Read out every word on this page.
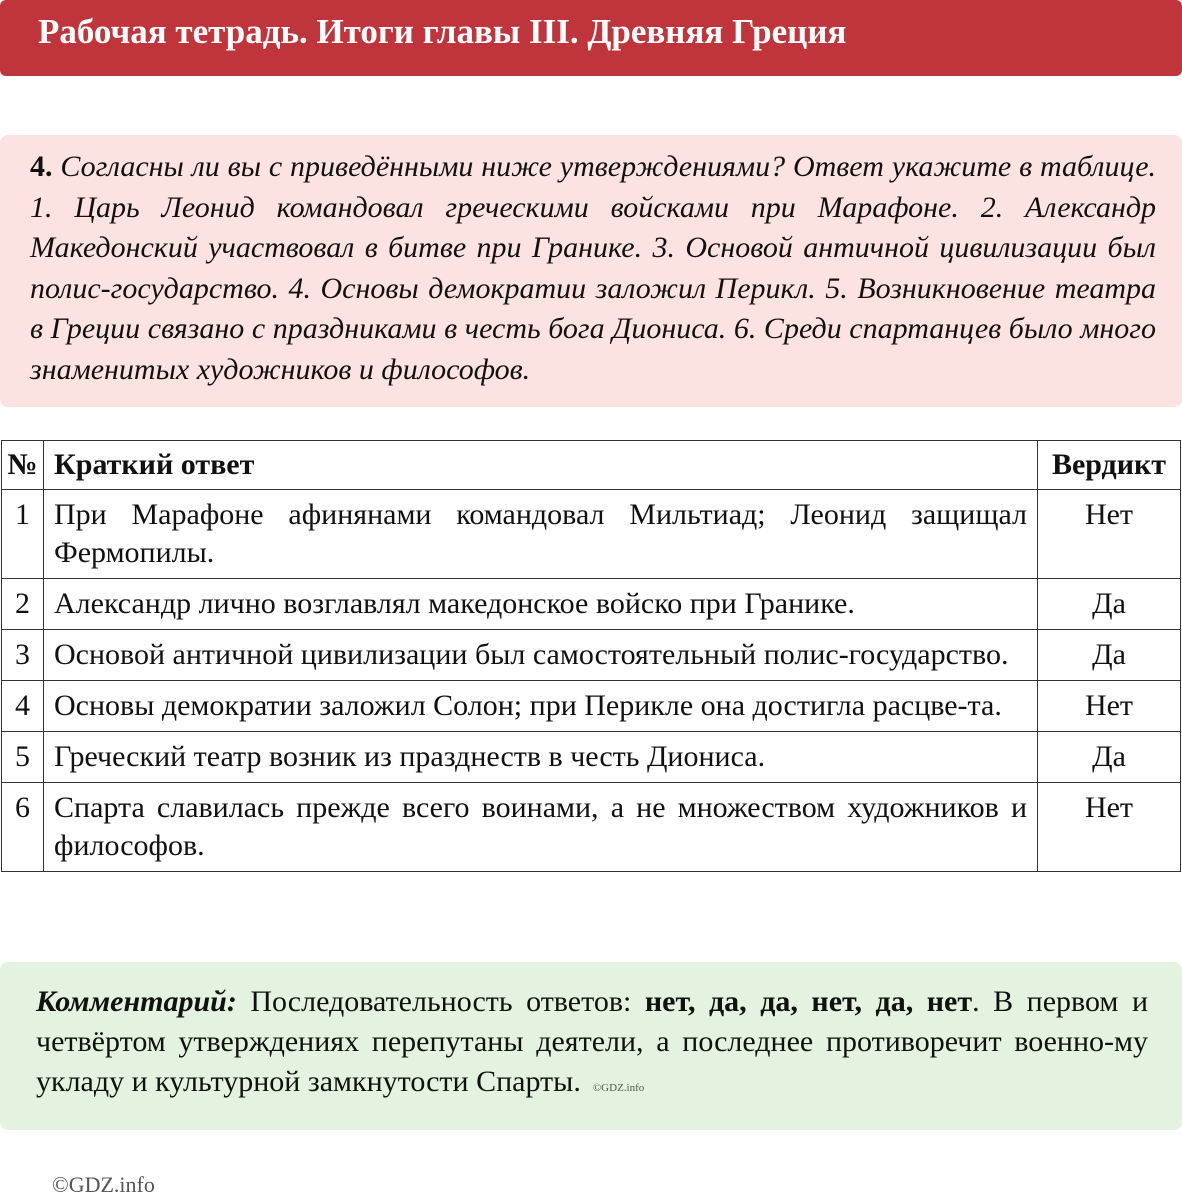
Рабочая тетрадь. Итоги главы III. Древняя Греция
4. Согласны ли вы с приведёнными ниже утверждениями? Ответ укажите в таблице. 1. Царь Леонид командовал греческими войсками при Марафоне. 2. Александр Македонский участвовал в битве при Гранике. 3. Основой античной цивилизации был полис-государство. 4. Основы демократии заложил Перикл. 5. Возникновение театра в Греции связано с праздниками в честь бога Диониса. 6. Среди спартанцев было много знаменитых художников и философов.
№	Краткий ответ	Вердикт
1	При Марафоне афинянами командовал Мильтиад; Леонид защищал Фермопилы.	Нет
2	Александр лично возглавлял македонское войско при Гранике.	Да
3	Основой античной цивилизации был самостоятельный полис-государство.	Да
4	Основы демократии заложил Солон; при Перикле она достигла расцве-та.	Нет
5	Греческий театр возник из празднеств в честь Диониса.	Да
6	Спарта славилась прежде всего воинами, а не множеством художников и философов.	Нет
Комментарий: Последовательность ответов: нет, да, да, нет, да, нет. В первом и четвёртом утверждениях перепутаны деятели, а последнее противоречит военно-му укладу и культурной замкнутости Спарты. ©GDZ.info
©GDZ.info
